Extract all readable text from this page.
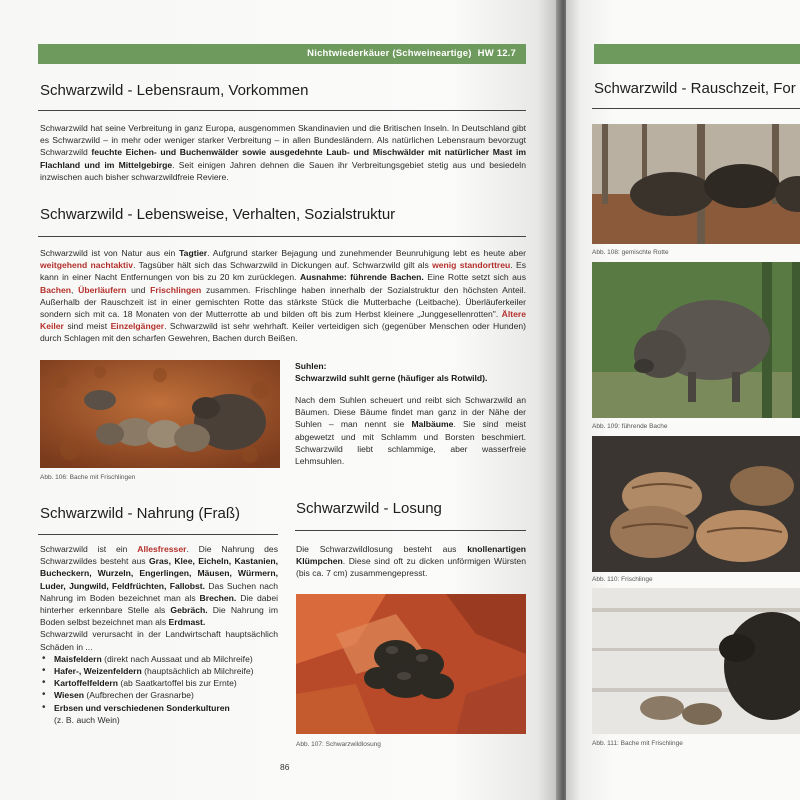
Nichtwiederkäuer (Schweineartige) HW 12.7
Schwarzwild - Lebensraum, Vorkommen
Schwarzwild hat seine Verbreitung in ganz Europa, ausgenommen Skandinavien und die Britischen Inseln. In Deutschland gibt es Schwarzwild – in mehr oder weniger starker Verbreitung – in allen Bundesländern. Als natürlichen Lebensraum bevorzugt Schwarzwild feuchte Eichen- und Buchenwälder sowie ausgedehnte Laub- und Mischwälder mit natürlicher Mast im Flachland und im Mittelgebirge. Seit einigen Jahren dehnen die Sauen ihr Verbreitungsgebiet stetig aus und besiedeln inzwischen auch bisher schwarzwildfreie Reviere.
Schwarzwild - Lebensweise, Verhalten, Sozialstruktur
Schwarzwild ist von Natur aus ein Tagtier. Aufgrund starker Bejagung und zunehmender Beunruhigung lebt es heute aber weitgehend nachtaktiv. Tagsüber hält sich das Schwarzwild in Dickungen auf. Schwarzwild gilt als wenig standorttreu. Es kann in einer Nacht Entfernungen von bis zu 20 km zurücklegen. Ausnahme: führende Bachen. Eine Rotte setzt sich aus Bachen, Überläufern und Frischlingen zusammen. Frischlinge haben innerhalb der Sozialstruktur den höchsten Anteil. Außerhalb der Rauschzeit ist in einer gemischten Rotte das stärkste Stück die Mutterbache (Leitbache). Überläuferkeiler sondern sich mit ca. 18 Monaten von der Mutterrotte ab und bilden oft bis zum Herbst kleinere „Junggesellenrotten". Ältere Keiler sind meist Einzelgänger. Schwarzwild ist sehr wehrhaft. Keiler verteidigen sich (gegenüber Menschen oder Hunden) durch Schlagen mit den scharfen Gewehren, Bachen durch Beißen.
Abb. 106: Bache mit Frischlingen
Suhlen:
Schwarzwild suhlt gerne (häufiger als Rotwild).
Nach dem Suhlen scheuert und reibt sich Schwarzwild an Bäumen. Diese Bäume findet man ganz in der Nähe der Suhlen – man nennt sie Malbäume. Sie sind meist abgewetzt und mit Schlamm und Borsten beschmiert. Schwarzwild liebt schlammige, aber wasserfreie Lehmsuhlen.
Schwarzwild - Nahrung (Fraß)
Schwarzwild ist ein Allesfresser. Die Nahrung des Schwarzwildes besteht aus Gras, Klee, Eicheln, Kastanien, Bucheckern, Wurzeln, Engerlingen, Mäusen, Würmern, Luder, Jungwild, Feldfrüchten, Fallobst. Das Suchen nach Nahrung im Boden bezeichnet man als Brechen. Die dabei hinterher erkennbare Stelle als Gebräch. Die Nahrung im Boden selbst bezeichnet man als Erdmast.
Schwarzwild verursacht in der Landwirtschaft hauptsächlich Schäden in ...
• Maisfeldern (direkt nach Aussaat und ab Milchreife)
• Hafer-, Weizenfeldern (hauptsächlich ab Milchreife)
• Kartoffelfeldern (ab Saatkartoffel bis zur Ernte)
• Wiesen (Aufbrechen der Grasnarbe)
• Erbsen und verschiedenen Sonderkulturen
(z. B. auch Wein)
Schwarzwild - Losung
Die Schwarzwildlosung besteht aus knollenartigen Klümpchen. Diese sind oft zu dicken unförmigen Würsten (bis ca. 7 cm) zusammengepresst.
Abb. 107: Schwarzwildlosung
86
Schwarzwild - Rauschzeit, For
Abb. 108: gemischte Rotte
Abb. 109: führende Bache
Abb. 110: Frischlinge
Abb. 111: Bache mit Frischlinge
